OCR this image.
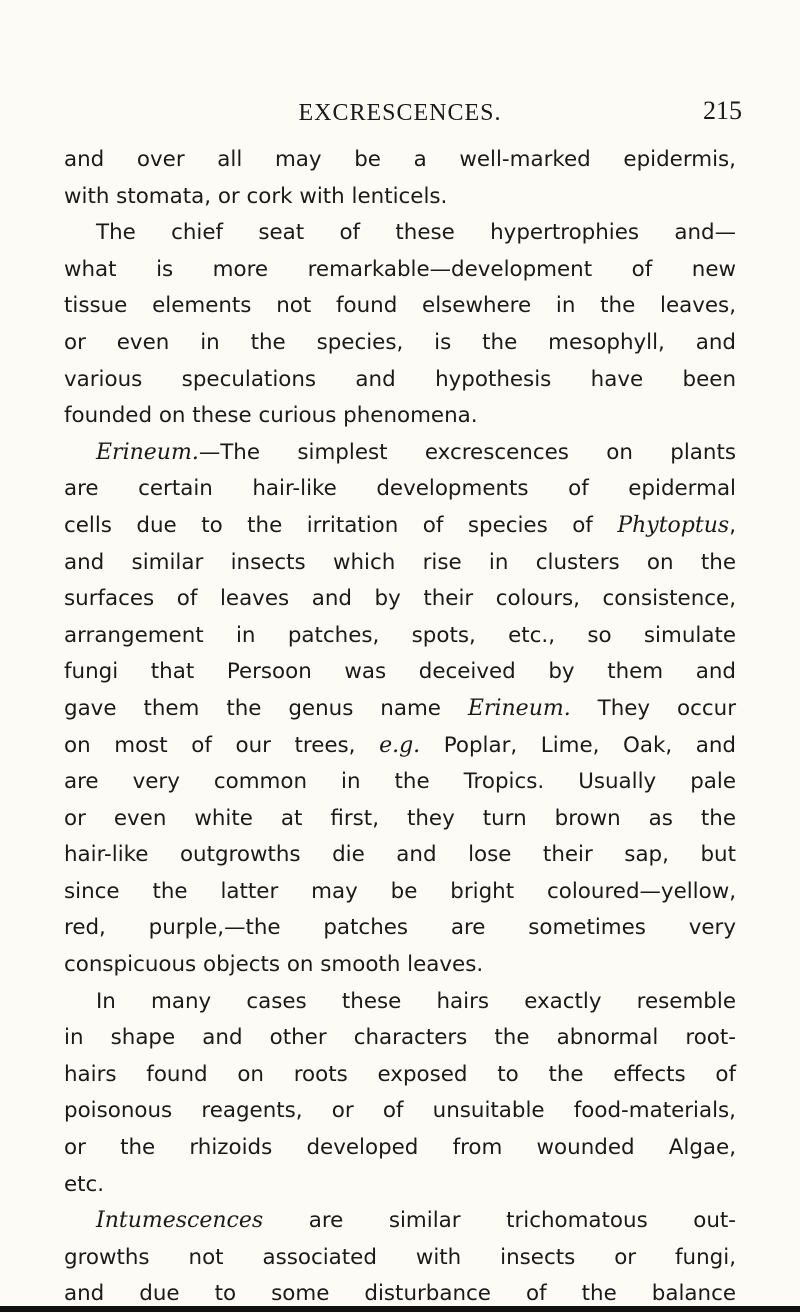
EXCRESCENCES.	215
and over all may be a well-marked epidermis,
with stomata, or cork with lenticels.
The chief seat of these hypertrophies and—
what is more remarkable—development of new
tissue elements not found elsewhere in the leaves,
or even in the species, is the mesophyll, and
various speculations and hypothesis have been
founded on these curious phenomena.
Erineum.—The simplest excrescences on plants
are certain hair-like developments of epidermal
cells due to the irritation of species of Phytoptus,
and similar insects which rise in clusters on the
surfaces of leaves and by their colours, consistence,
arrangement in patches, spots, etc., so simulate
fungi that Persoon was deceived by them and
gave them the genus name Erineum. They occur
on most of our trees, e.g. Poplar, Lime, Oak, and
are very common in the Tropics. Usually pale
or even white at first, they turn brown as the
hair-like outgrowths die and lose their sap, but
since the latter may be bright coloured—yellow,
red, purple,—the patches are sometimes very
conspicuous objects on smooth leaves.
In many cases these hairs exactly resemble
in shape and other characters the abnormal root-
hairs found on roots exposed to the effects of
poisonous reagents, or of unsuitable food-materials,
or the rhizoids developed from wounded Algae,
etc.
Intumescences are similar trichomatous out-
growths not associated with insects or fungi,
and due to some disturbance of the balance
